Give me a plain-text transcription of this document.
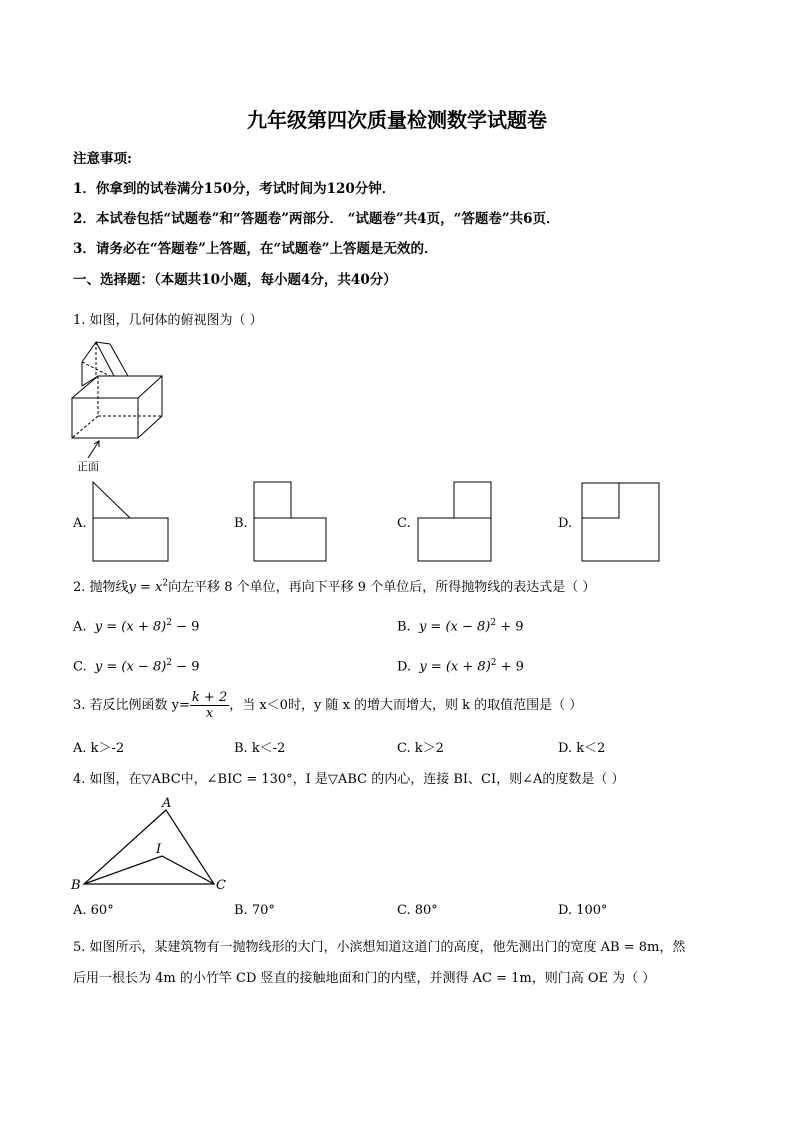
九年级第四次质量检测数学试题卷
注意事项:
1．你拿到的试卷满分150分，考试时间为120分钟．
2．本试卷包括“试题卷”和“答题卷”两部分． “试题卷”共4页，“答题卷”共6页．
3．请务必在“答题卷”上答题，在“试题卷”上答题是无效的．
一、选择题：（本题共10小题，每小题4分，共40分）
1. 如图，几何体的俯视图为（ ）
正面
A.	B.	C.	D.
2. 抛物线$y = x^2$向左平移 8 个单位，再向下平移 9 个单位后，所得抛物线的表达式是（ ）
A. $y = (x + 8)^2 - 9$	B. $y = (x - 8)^2 + 9$
C. $y = (x - 8)^2 - 9$	D. $y = (x + 8)^2 + 9$
3. 若反比例函数 $y= \frac{k + 2}{x}$ ，当 x＜0时，y 随 x 的增大而增大，则 k 的取值范围是（ ）
A. k＞-2	B. k＜-2	C. k＞2	D. k＜2
4. 如图，在▽ABC中，∠BIC = 130°，I 是▽ABC 的内心，连接 BI、CI，则∠A的度数是（ ）
A
B	C
I
A. 60°	B. 70°	C. 80°	D. 100°
5. 如图所示，某建筑物有一抛物线形的大门，小滨想知道这道门的高度，他先测出门的宽度 AB = 8m，然
后用一根长为 4m 的小竹竿 CD 竖直的接触地面和门的内壁，并测得 AC = 1m，则门高 OE 为（ ）
